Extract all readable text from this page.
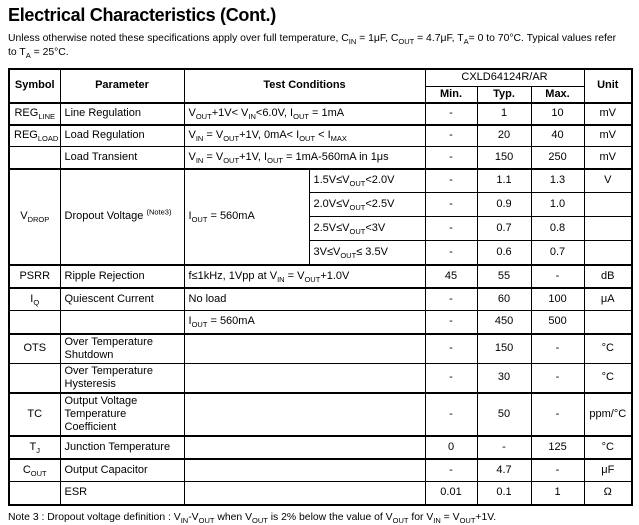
Electrical Characteristics (Cont.)
Unless otherwise noted these specifications apply over full temperature, $C_{IN} = 1\mu F$, $C_{OUT} = 4.7\mu F$, $T_A= 0$ to 70°C. Typical values refer
to $T_A = 25^\circ C$.
Symbol	Parameter	Test Conditions		CXLD64124R/AR			Unit
				Min.	Typ.	Max.	
$REG_{LINE}$	Line Regulation	$V_{OUT}+1V< V_{IN}<6.0V$, $I_{OUT} = 1mA$		-	1	10	mV
$REG_{LOAD}$	Load Regulation	$V_{IN} = V_{OUT}+1V$, $0mA< I_{OUT} < I_{MAX}$		-	20	40	mV
	Load Transient	$V_{IN} = V_{OUT}+1V$, $I_{OUT} = 1mA-560mA$ in 1μs		-	150	250	mV
$V_{DROP}$	Dropout Voltage $^{(Note3)}$	$I_{OUT} = 560mA$	$1.5V\le V_{OUT}<2.0V$	-	1.1	1.3	V
			$2.0V\le V_{OUT}<2.5V$	-	0.9	1.0	
			$2.5V\le V_{OUT}<3V$	-	0.7	0.8	
			$3V\le V_{OUT}\le 3.5V$	-	0.6	0.7	
PSRR	Ripple Rejection	f≤1kHz, 1Vpp at $V_{IN} = V_{OUT}+1.0V$		45	55	-	dB
$I_Q$	Quiescent Current	No load		-	60	100	μA
		$I_{OUT} = 560mA$		-	450	500	
OTS	Over Temperature Shutdown			-	150	-	°C
	Over Temperature Hysteresis			-	30	-	°C
TC	Output Voltage Temperature Coefficient			-	50	-	ppm/°C
$T_J$	Junction Temperature			0	-	125	°C
$C_{OUT}$	Output Capacitor			-	4.7	-	μF
	ESR			0.01	0.1	1	Ω
Note 3 : Dropout voltage definition : $V_{IN}-V_{OUT}$ when $V_{OUT}$ is 2% below the value of $V_{OUT}$ for $V_{IN} = V_{OUT}+1V$.
